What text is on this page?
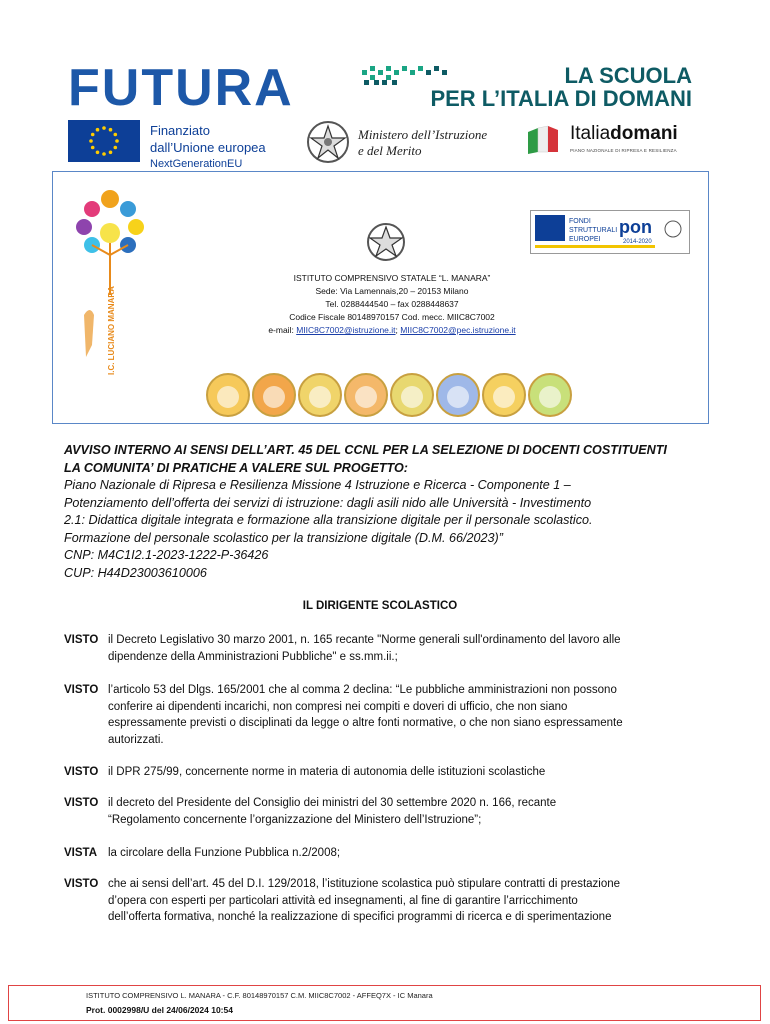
FUTURA	LA SCUOLA
PER L’ITALIA DI DOMANI
Finanziato
dall’Unione europea
NextGenerationEU
Ministero dell’Istruzione
e del Merito
Italiadomani
PIANO NAZIONALE DI RIPRESA E RESILIENZA
I.C. LUCIANO MANARA
FONDI
STRUTTURALI
EUROPEI
pon
2014-2020
ISTITUTO COMPRENSIVO STATALE “L. MANARA”
Sede: Via Lamennais,20 – 20153 Milano
Tel. 0288444540 – fax 0288448637
Codice Fiscale 80148970157 Cod. mecc. MIIC8C7002
e-mail: MIIC8C7002@istruzione.it; MIIC8C7002@pec.istruzione.it
AVVISO INTERNO AI SENSI DELL’ART. 45 DEL CCNL PER LA SELEZIONE DI DOCENTI COSTITUENTI
LA COMUNITA’ DI PRATICHE A VALERE SUL PROGETTO:
Piano Nazionale di Ripresa e Resilienza Missione 4 Istruzione e Ricerca - Componente 1 –
Potenziamento dell’offerta dei servizi di istruzione: dagli asili nido alle Università - Investimento
2.1: Didattica digitale integrata e formazione alla transizione digitale per il personale scolastico.
Formazione del personale scolastico per la transizione digitale (D.M. 66/2023)”
CNP: M4C1I2.1-2023-1222-P-36426
CUP: H44D23003610006
IL DIRIGENTE SCOLASTICO
VISTO il Decreto Legislativo 30 marzo 2001, n. 165 recante "Norme generali sull'ordinamento del lavoro alle
dipendenze della Amministrazioni Pubbliche" e ss.mm.ii.;
VISTO l’articolo 53 del Dlgs. 165/2001 che al comma 2 declina: “Le pubbliche amministrazioni non possono
conferire ai dipendenti incarichi, non compresi nei compiti e doveri di ufficio, che non siano
espressamente previsti o disciplinati da legge o altre fonti normative, o che non siano espressamente
autorizzati.
VISTO il DPR 275/99, concernente norme in materia di autonomia delle istituzioni scolastiche
VISTO il decreto del Presidente del Consiglio dei ministri del 30 settembre 2020 n. 166, recante
“Regolamento concernente l’organizzazione del Ministero dell’Istruzione”;
VISTA la circolare della Funzione Pubblica n.2/2008;
VISTO che ai sensi dell’art. 45 del D.I. 129/2018, l’istituzione scolastica può stipulare contratti di prestazione
d’opera con esperti per particolari attività ed insegnamenti, al fine di garantire l’arricchimento
dell’offerta formativa, nonché la realizzazione di specifici programmi di ricerca e di sperimentazione
ISTITUTO COMPRENSIVO L. MANARA - C.F. 80148970157 C.M. MIIC8C7002 - AFFEQ7X - IC Manara
Prot. 0002998/U del 24/06/2024 10:54
